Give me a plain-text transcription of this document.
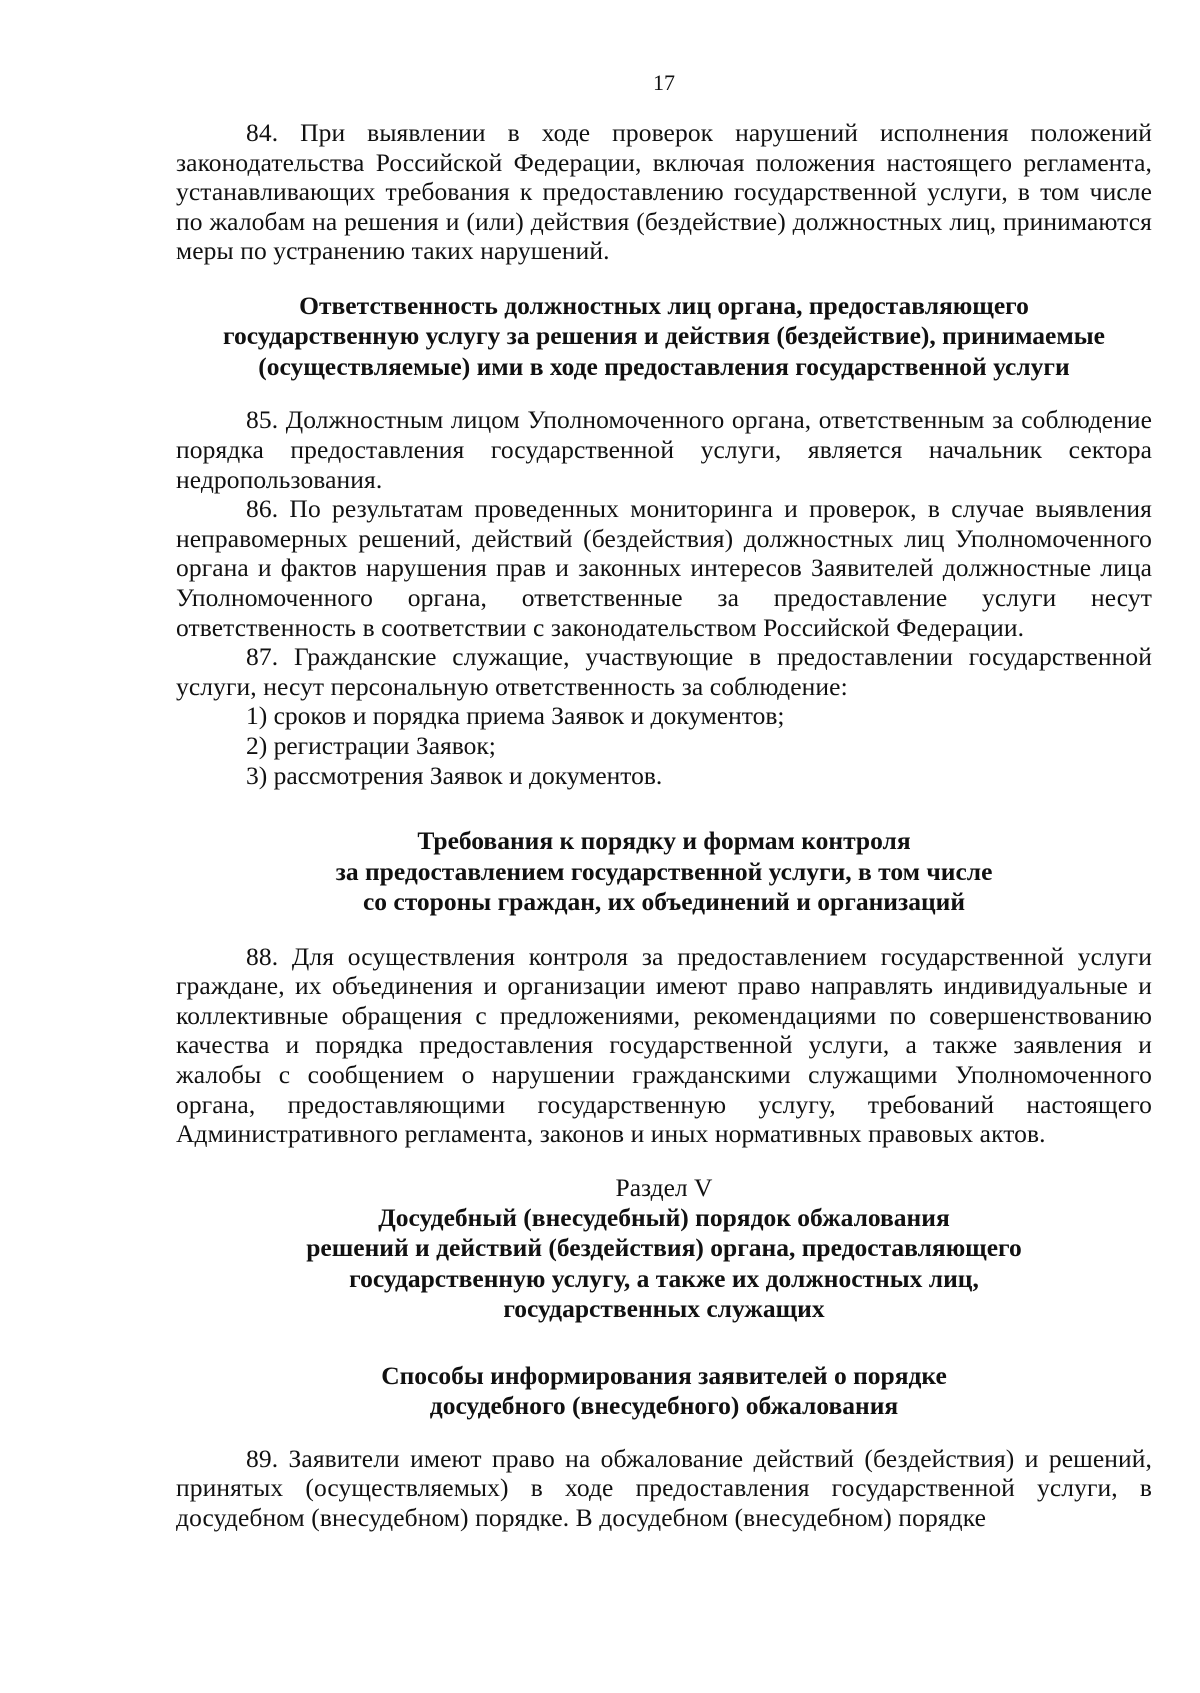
17

84. При выявлении в ходе проверок нарушений исполнения положений законодательства Российской Федерации, включая положения настоящего регламента, устанавливающих требования к предоставлению государственной услуги, в том числе по жалобам на решения и (или) действия (бездействие) должностных лиц, принимаются меры по устранению таких нарушений.

Ответственность должностных лиц органа, предоставляющего
государственную услугу за решения и действия (бездействие), принимаемые
(осуществляемые) ими в ходе предоставления государственной услуги

85. Должностным лицом Уполномоченного органа, ответственным за соблюдение порядка предоставления государственной услуги, является начальник сектора недропользования.

86. По результатам проведенных мониторинга и проверок, в случае выявления неправомерных решений, действий (бездействия) должностных лиц Уполномоченного органа и фактов нарушения прав и законных интересов Заявителей должностные лица Уполномоченного органа, ответственные за предоставление услуги несут ответственность в соответствии с законодательством Российской Федерации.

87. Гражданские служащие, участвующие в предоставлении государственной услуги, несут персональную ответственность за соблюдение:

1) сроков и порядка приема Заявок и документов;

2) регистрации Заявок;

3) рассмотрения Заявок и документов.

Требования к порядку и формам контроля
за предоставлением государственной услуги, в том числе
со стороны граждан, их объединений и организаций

88. Для осуществления контроля за предоставлением государственной услуги граждане, их объединения и организации имеют право направлять индивидуальные и коллективные обращения с предложениями, рекомендациями по совершенствованию качества и порядка предоставления государственной услуги, а также заявления и жалобы с сообщением о нарушении гражданскими служащими Уполномоченного органа, предоставляющими государственную услугу, требований настоящего Административного регламента, законов и иных нормативных правовых актов.

Раздел V
Досудебный (внесудебный) порядок обжалования
решений и действий (бездействия) органа, предоставляющего
государственную услугу, а также их должностных лиц,
государственных служащих
Способы информирования заявителей о порядке
досудебного (внесудебного) обжалования

89. Заявители имеют право на обжалование действий (бездействия) и решений, принятых (осуществляемых) в ходе предоставления государственной услуги, в досудебном (внесудебном) порядке. В досудебном (внесудебном) порядке
